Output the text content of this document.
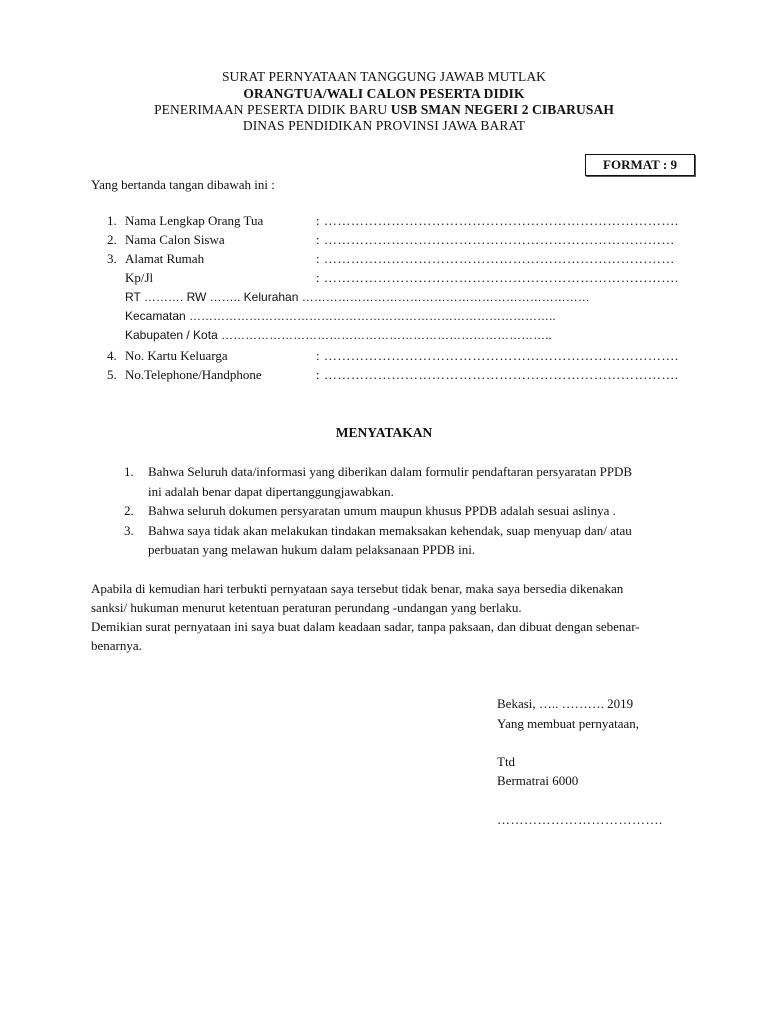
SURAT PERNYATAAN TANGGUNG JAWAB MUTLAK
ORANGTUA/WALI CALON PESERTA DIDIK
PENERIMAAN PESERTA DIDIK BARU USB SMAN NEGERI 2 CIBARUSAH
DINAS PENDIDIKAN PROVINSI JAWA BARAT
FORMAT : 9
Yang bertanda tangan dibawah ini :
1. Nama Lengkap Orang Tua	: …………………………………………………………………….
2. Nama Calon Siswa	: ……………………………………………………………………
3. Alamat Rumah	: ……………………………………………………………………
Kp/Jl	: …………………………………………………………………….
RT ………. RW …….. Kelurahan ………………………………………………………………
Kecamatan ………………………………………………………………………………..
Kabupaten / Kota ………………………………………………………………………..
4. No. Kartu Keluarga	: …………………………………………………………………….
5. No.Telephone/Handphone	: …………………………………………………………………….
MENYATAKAN
1. Bahwa Seluruh data/informasi yang diberikan dalam formulir pendaftaran persyaratan PPDB
ini adalah benar dapat dipertanggungjawabkan.
2. Bahwa seluruh dokumen persyaratan umum maupun khusus PPDB adalah sesuai aslinya .
3. Bahwa saya tidak akan melakukan tindakan memaksakan kehendak, suap menyuap dan/ atau
perbuatan yang melawan hukum dalam pelaksanaan PPDB ini.
Apabila di kemudian hari terbukti pernyataan saya tersebut tidak benar, maka saya bersedia dikenakan
sanksi/ hukuman menurut ketentuan peraturan perundang -undangan yang berlaku.
Demikian surat pernyataan ini saya buat dalam keadaan sadar, tanpa paksaan, dan dibuat dengan sebenar-
benarnya.
Bekasi, ….. ………. 2019
Yang membuat pernyataan,
Ttd
Bermatrai 6000
……………………………….
